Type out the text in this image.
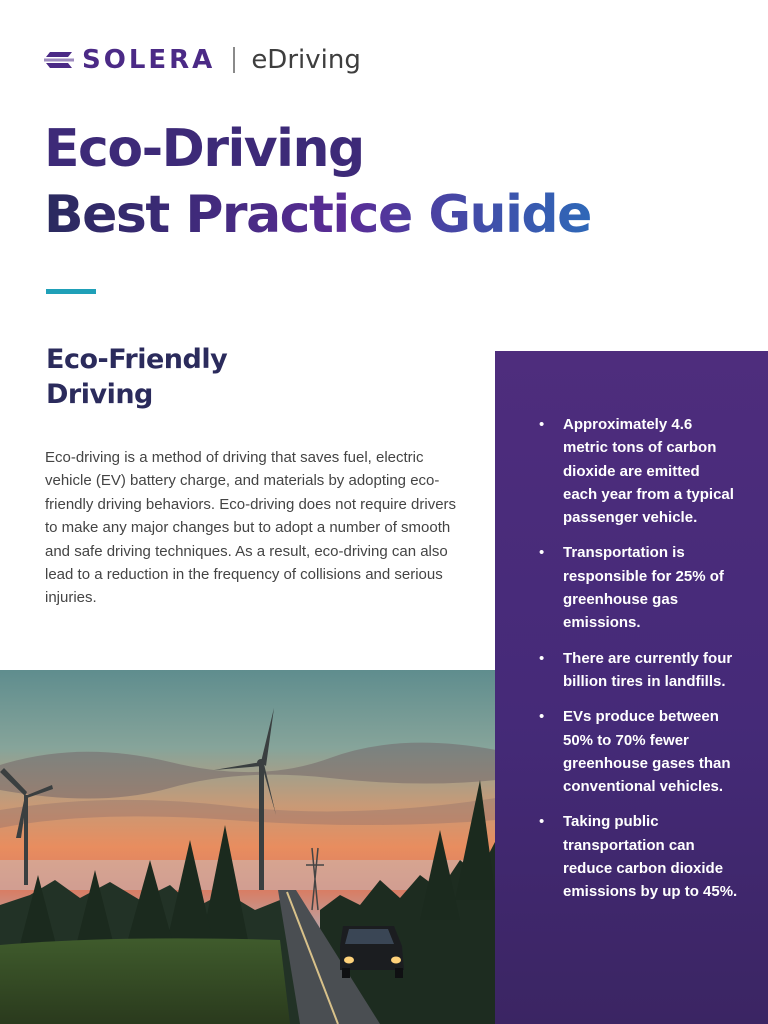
SOLERA eDriving
Eco-Driving
Best Practice Guide
Eco-Friendly
Driving

Eco-driving is a method of driving that saves fuel, electric vehicle (EV) battery charge, and materials by adopting eco-friendly driving behaviors. Eco-driving does not require drivers to make any major changes but to adopt a number of smooth and safe driving techniques. As a result, eco-driving can also lead to a reduction in the frequency of collisions and serious injuries.

• Approximately 4.6 metric tons of carbon dioxide are emitted each year from a typical passenger vehicle.
• Transportation is responsible for 25% of greenhouse gas emissions.
• There are currently four billion tires in landfills.
• EVs produce between 50% to 70% fewer greenhouse gases than conventional vehicles.
• Taking public transportation can reduce carbon dioxide emissions by up to 45%.
